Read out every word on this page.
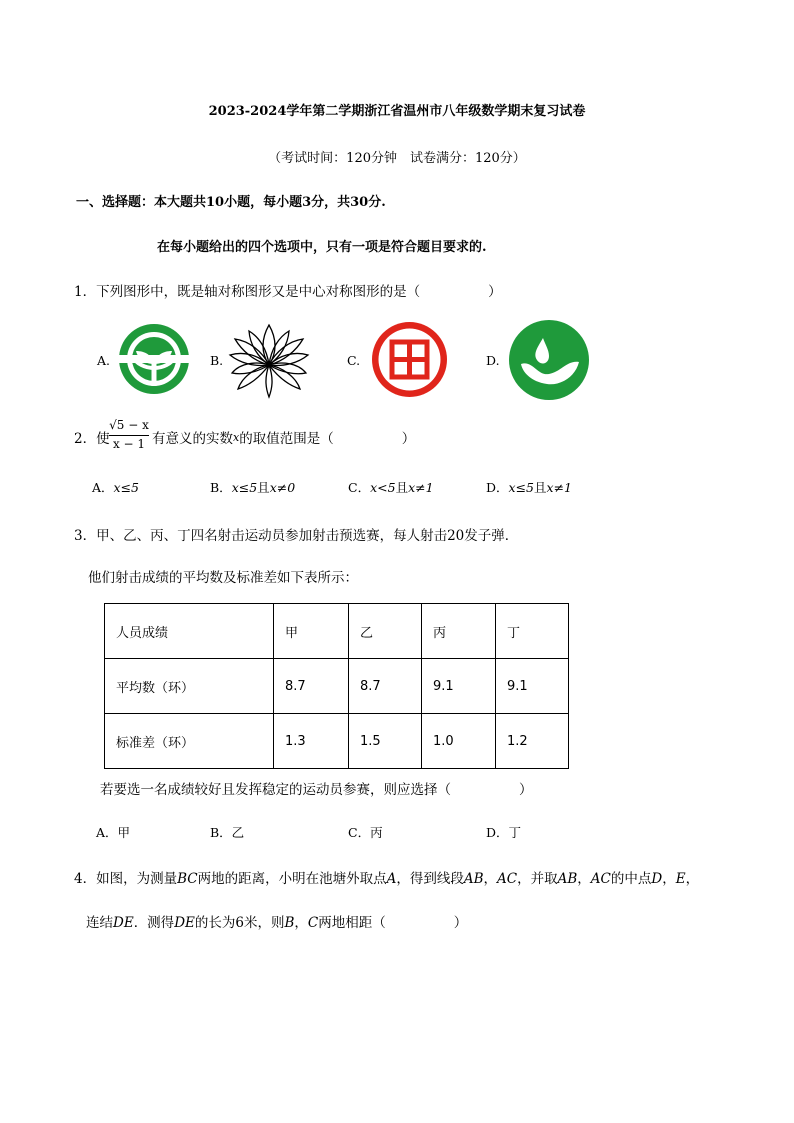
2023-2024学年第二学期浙江省温州市八年级数学期末复习试卷
（考试时间：120分钟　试卷满分：120分）
一、选择题：本大题共10小题，每小题3分，共30分.
在每小题给出的四个选项中，只有一项是符合题目要求的.
1．下列图形中，既是轴对称图形又是中心对称图形的是（	）
A.	B.	C.	D.
2．使 $\frac{√5 - x}{x - 1}$ 有意义的实数x的取值范围是（	）
A．x≤5	B．x≤5且x≠0	C．x<5且x≠1	D．x≤5且x≠1
3．甲、乙、丙、丁四名射击运动员参加射击预选赛，每人射击20发子弹．
他们射击成绩的平均数及标准差如下表所示：
人员成绩	甲	乙	丙	丁
平均数（环）	8.7	8.7	9.1	9.1
标准差（环）	1.3	1.5	1.0	1.2
若要选一名成绩较好且发挥稳定的运动员参赛，则应选择（	）
A．甲	B．乙	C．丙	D．丁
4．如图，为测量BC两地的距离，小明在池塘外取点A，得到线段AB，AC，并取AB，AC的中点D，E，
连结DE．测得DE的长为6米，则B，C两地相距（	）
